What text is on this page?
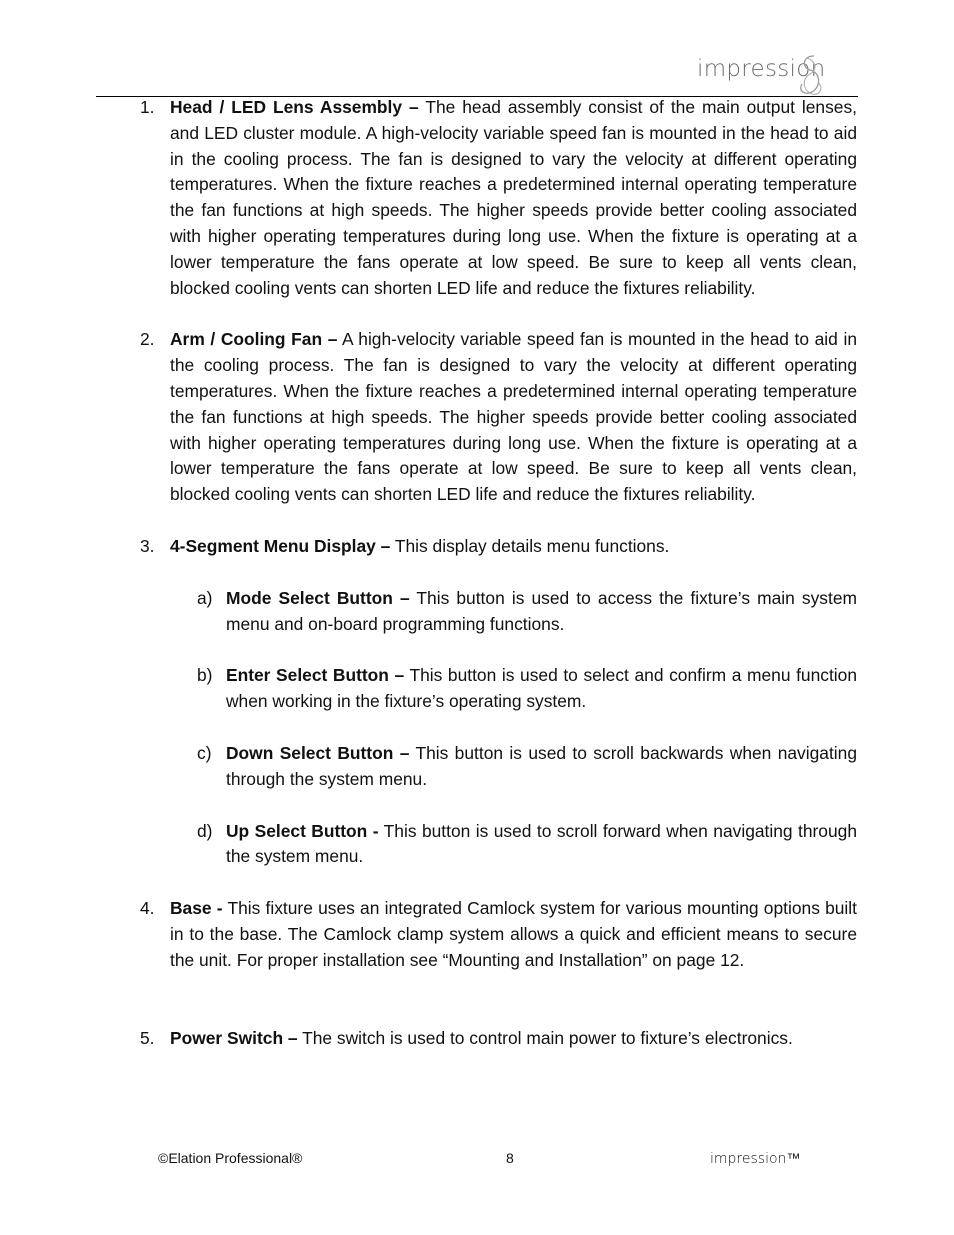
impression
1. Head / LED Lens Assembly – The head assembly consist of the main output lenses, and LED cluster module. A high-velocity variable speed fan is mounted in the head to aid in the cooling process. The fan is designed to vary the velocity at different operating temperatures. When the fixture reaches a predetermined internal operating temperature the fan functions at high speeds. The higher speeds provide better cooling associated with higher operating temperatures during long use. When the fixture is operating at a lower temperature the fans operate at low speed. Be sure to keep all vents clean, blocked cooling vents can shorten LED life and reduce the fixtures reliability.

2. Arm / Cooling Fan – A high-velocity variable speed fan is mounted in the head to aid in the cooling process. The fan is designed to vary the velocity at different operating temperatures. When the fixture reaches a predetermined internal operating temperature the fan functions at high speeds. The higher speeds provide better cooling associated with higher operating temperatures during long use. When the fixture is operating at a lower temperature the fans operate at low speed. Be sure to keep all vents clean, blocked cooling vents can shorten LED life and reduce the fixtures reliability.

3. 4-Segment Menu Display – This display details menu functions.

a) Mode Select Button – This button is used to access the fixture’s main system menu and on-board programming functions.

b) Enter Select Button – This button is used to select and confirm a menu function when working in the fixture’s operating system.

c) Down Select Button – This button is used to scroll backwards when navigating through the system menu.

d) Up Select Button - This button is used to scroll forward when navigating through the system menu.

4. Base - This fixture uses an integrated Camlock system for various mounting options built in to the base. The Camlock clamp system allows a quick and efficient means to secure the unit. For proper installation see “Mounting and Installation” on page 12.

5. Power Switch – The switch is used to control main power to fixture’s electronics.

©Elation Professional®	8	impression™
